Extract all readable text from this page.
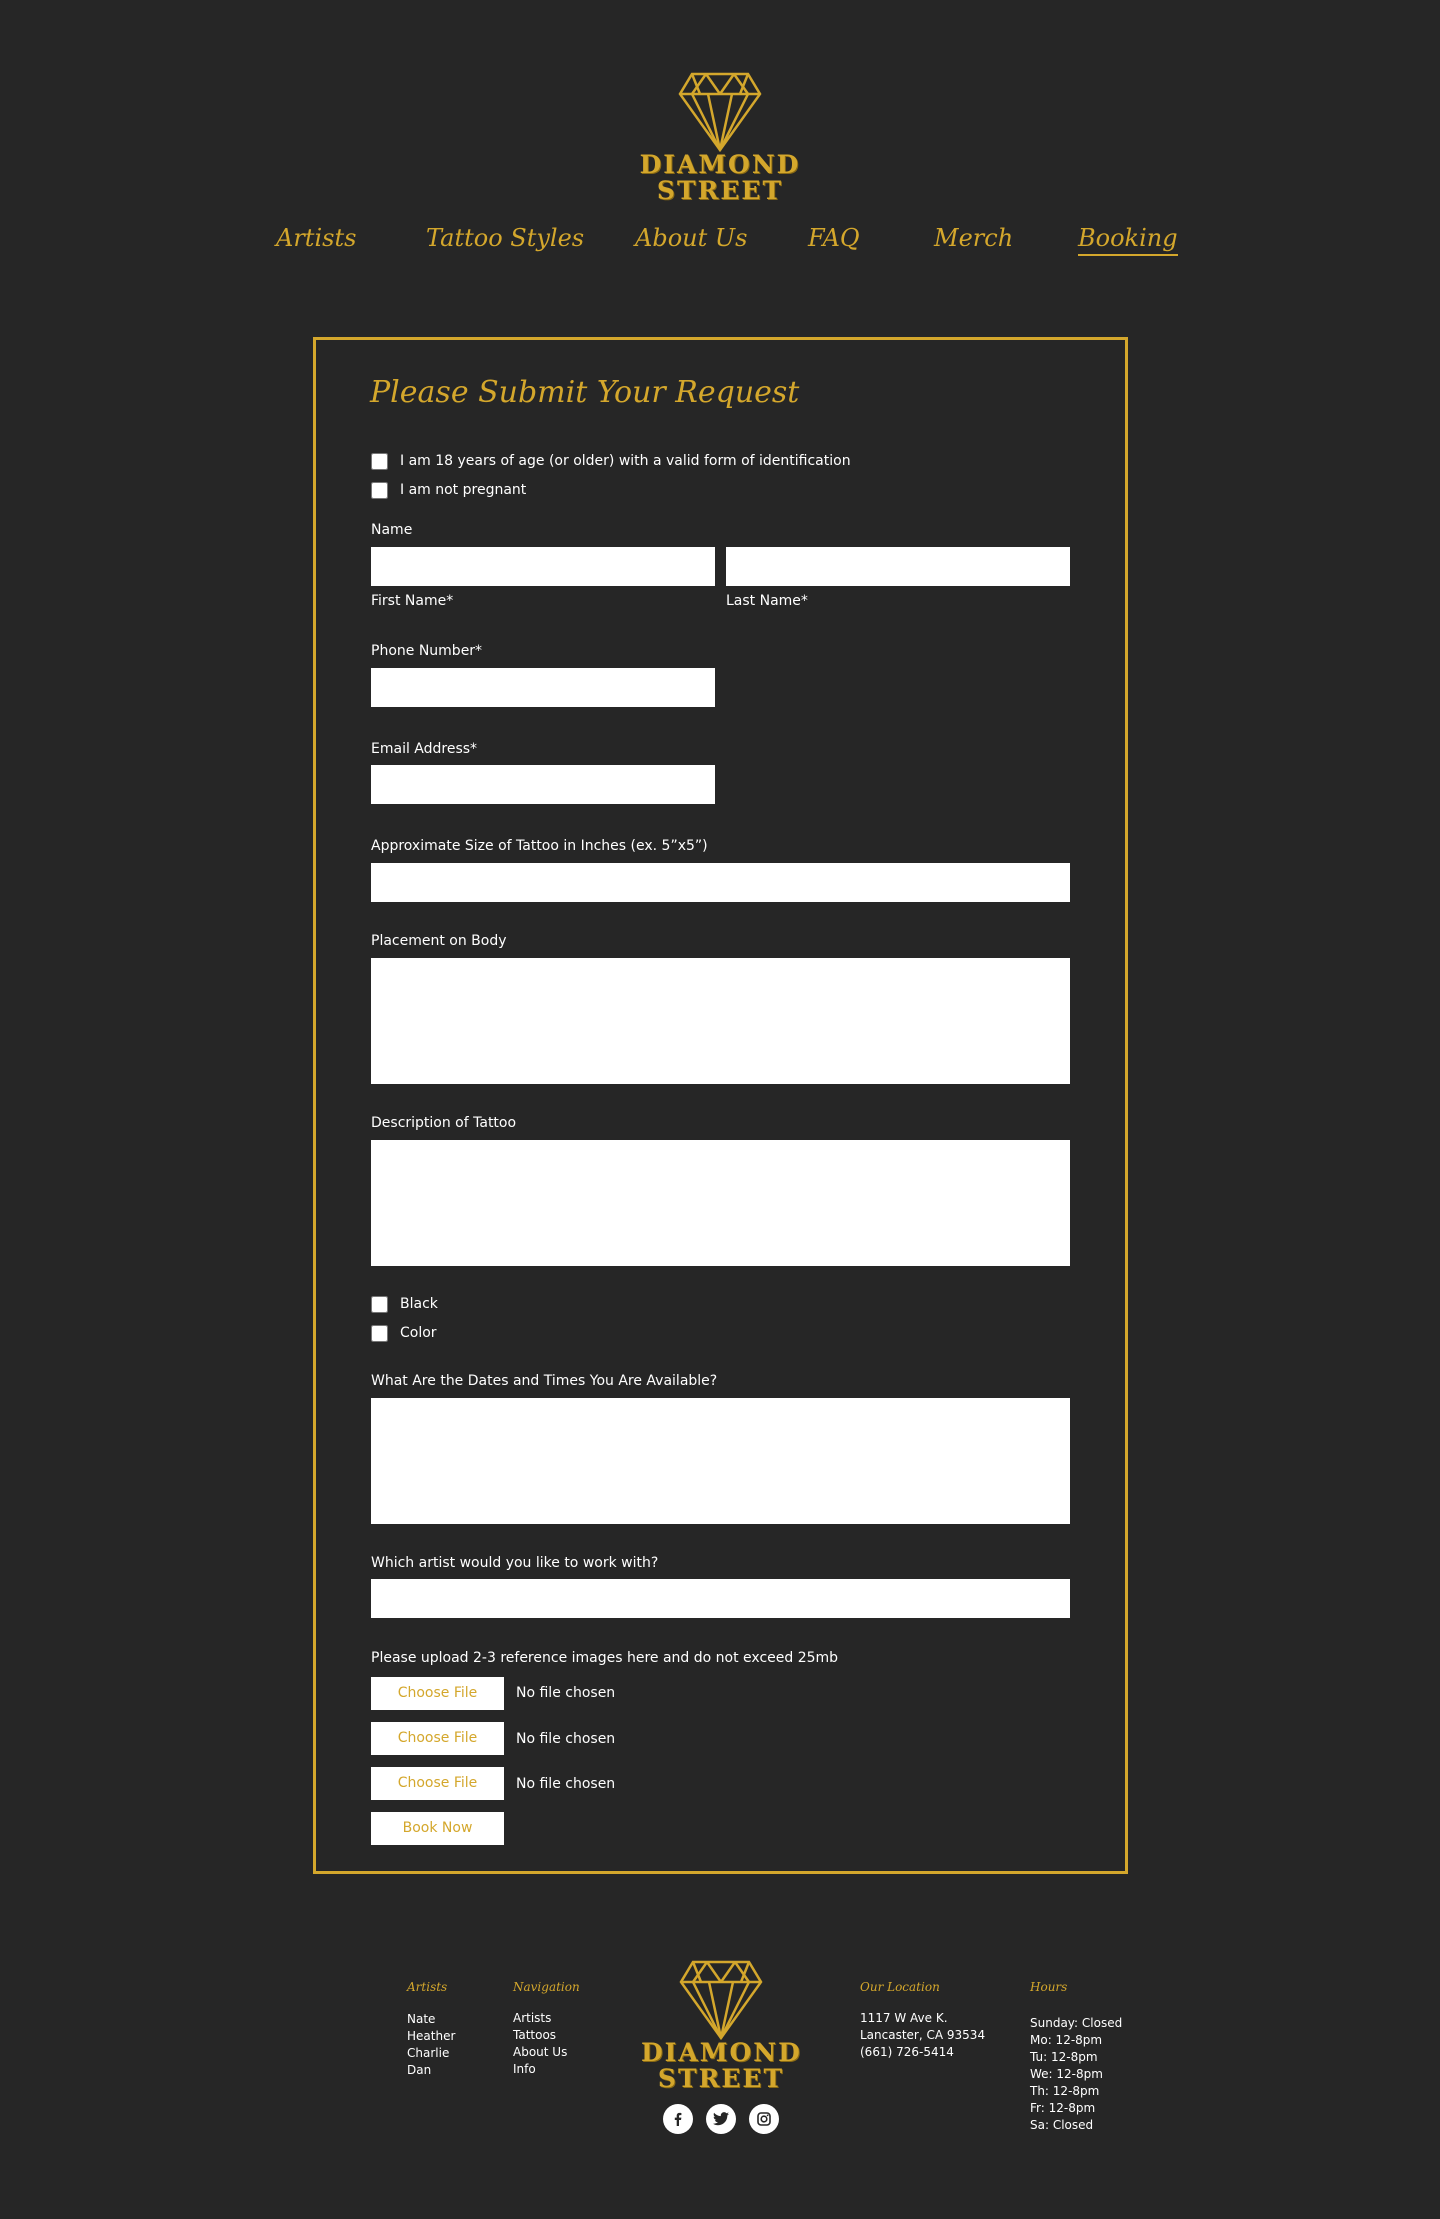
DIAMOND
STREET
Artists	Tattoo Styles About Us	FAQ	Merch	Booking
Please Submit Your Request
I am 18 years of age (or older) with a valid form of identification
I am not pregnant
Name
First Name*	Last Name*
Phone Number*
Email Address*
Approximate Size of Tattoo in Inches (ex. 5”x5”)
Placement on Body
Description of Tattoo
Black
Color
What Are the Dates and Times You Are Available?
Which artist would you like to work with?
Please upload 2-3 reference images here and do not exceed 25mb
Choose File	No file chosen
Choose File	No file chosen
Choose File	No file chosen
Book Now
Artists
Nate
Heather
Charlie
Dan
Navigation
Artists
Tattoos
About Us
Info
DIAMOND
STREET
Our Location
1117 W Ave K.
Lancaster, CA 93534
(661) 726-5414
Hours
Sunday: Closed
Mo: 12-8pm
Tu: 12-8pm
We: 12-8pm
Th: 12-8pm
Fr: 12-8pm
Sa: Closed
